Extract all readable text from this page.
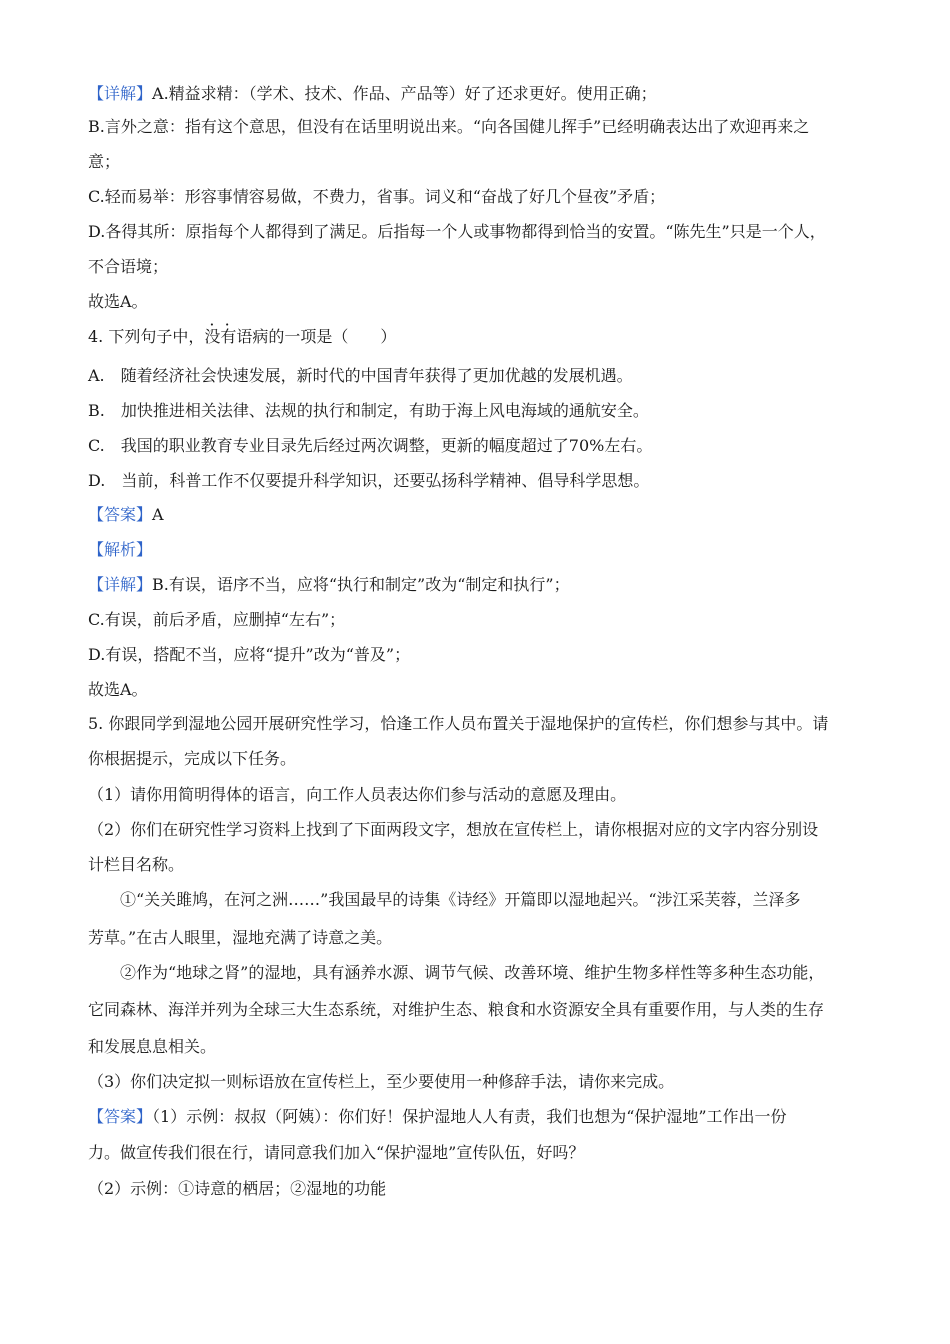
【详解】A.精益求精：（学术、技术、作品、产品等）好了还求更好。使用正确；
B.言外之意：指有这个意思，但没有在话里明说出来。“向各国健儿挥手”已经明确表达出了欢迎再来之
意；
C.轻而易举：形容事情容易做，不费力，省事。词义和“奋战了好几个昼夜”矛盾；
D.各得其所：原指每个人都得到了满足。后指每一个人或事物都得到恰当的安置。“陈先生”只是一个人，
不合语境；
故选A。
4. 下列句子中，·  · 没有语病的一项是（　　）
A.　随着经济社会快速发展，新时代的中国青年获得了更加优越的发展机遇。
B.　加快推进相关法律、法规的执行和制定，有助于海上风电海域的通航安全。
C.　我国的职业教育专业目录先后经过两次调整，更新的幅度超过了70%左右。
D.　当前，科普工作不仅要提升科学知识，还要弘扬科学精神、倡导科学思想。
【答案】A
【解析】
【详解】B.有误，语序不当，应将“执行和制定”改为“制定和执行”；
C.有误，前后矛盾，应删掉“左右”；
D.有误，搭配不当，应将“提升”改为“普及”；
故选A。
5. 你跟同学到湿地公园开展研究性学习，恰逢工作人员布置关于湿地保护的宣传栏，你们想参与其中。请
你根据提示，完成以下任务。
（1）请你用简明得体的语言，向工作人员表达你们参与活动的意愿及理由。
（2）你们在研究性学习资料上找到了下面两段文字，想放在宣传栏上，请你根据对应的文字内容分别设
计栏目名称。
①“关关雎鸠，在河之洲……”我国最早的诗集《诗经》开篇即以湿地起兴。“涉江采芙蓉，兰泽多
芳草。”在古人眼里，湿地充满了诗意之美。
②作为“地球之肾”的湿地，具有涵养水源、调节气候、改善环境、维护生物多样性等多种生态功能，
它同森林、海洋并列为全球三大生态系统，对维护生态、粮食和水资源安全具有重要作用，与人类的生存
和发展息息相关。
（3）你们决定拟一则标语放在宣传栏上，至少要使用一种修辞手法，请你来完成。
【答案】（1）示例：叔叔（阿姨）：你们好！保护湿地人人有责，我们也想为“保护湿地”工作出一份
力。做宣传我们很在行，请同意我们加入“保护湿地”宣传队伍，好吗？
（2）示例：①诗意的栖居；②湿地的功能
